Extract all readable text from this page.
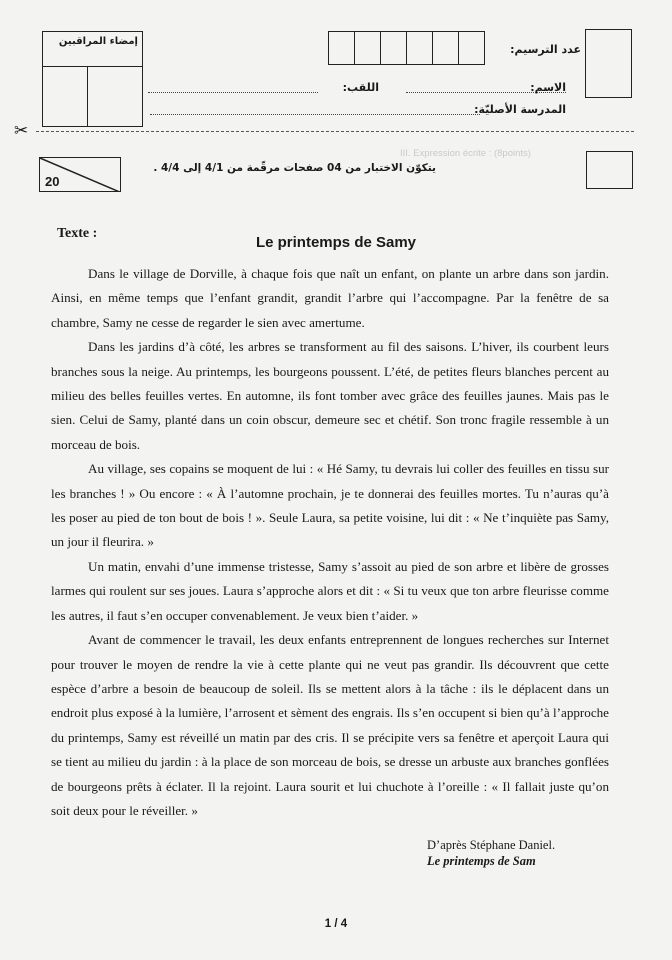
إمضاء المراقبين
عدد الترسيم:
الاسم:
اللقب:
المدرسة الأصليّة:
✂
20
يتكوّن الاختبار من 04 صفحات مرقّمة من 4/1 إلى 4/4 .
III. Expression écrite : (8points)
Texte :
Le printemps de Samy

Dans le village de Dorville, à chaque fois que naît un enfant, on plante un arbre dans son jardin. Ainsi, en même temps que l’enfant grandit, grandit l’arbre qui l’accompagne. Par la fenêtre de sa chambre, Samy ne cesse de regarder le sien avec amertume.

Dans les jardins d’à côté, les arbres se transforment au fil des saisons. L’hiver, ils courbent leurs branches sous la neige. Au printemps, les bourgeons poussent. L’été, de petites fleurs blanches percent au milieu des belles feuilles vertes. En automne, ils font tomber avec grâce des feuilles jaunes. Mais pas le sien. Celui de Samy, planté dans un coin obscur, demeure sec et chétif. Son tronc fragile ressemble à un morceau de bois.

Au village, ses copains se moquent de lui : « Hé Samy, tu devrais lui coller des feuilles en tissu sur les branches ! » Ou encore : « À l’automne prochain, je te donnerai des feuilles mortes. Tu n’auras qu’à les poser au pied de ton bout de bois ! ». Seule Laura, sa petite voisine, lui dit : « Ne t’inquiète pas Samy, un jour il fleurira. »

Un matin, envahi d’une immense tristesse, Samy s’assoit au pied de son arbre et libère de grosses larmes qui roulent sur ses joues. Laura s’approche alors et dit : « Si tu veux que ton arbre fleurisse comme les autres, il faut s’en occuper convenablement. Je veux bien t’aider. »

Avant de commencer le travail, les deux enfants entreprennent de longues recherches sur Internet pour trouver le moyen de rendre la vie à cette plante qui ne veut pas grandir. Ils découvrent que cette espèce d’arbre a besoin de beaucoup de soleil. Ils se mettent alors à la tâche : ils le déplacent dans un endroit plus exposé à la lumière, l’arrosent et sèment des engrais. Ils s’en occupent si bien qu’à l’approche du printemps, Samy est réveillé un matin par des cris. Il se précipite vers sa fenêtre et aperçoit Laura qui se tient au milieu du jardin : à la place de son morceau de bois, se dresse un arbuste aux branches gonflées de bourgeons prêts à éclater. Il la rejoint. Laura sourit et lui chuchote à l’oreille : « Il fallait juste qu’on soit deux pour le réveiller. »

D’après Stéphane Daniel.
Le printemps de Sam
1 / 4
